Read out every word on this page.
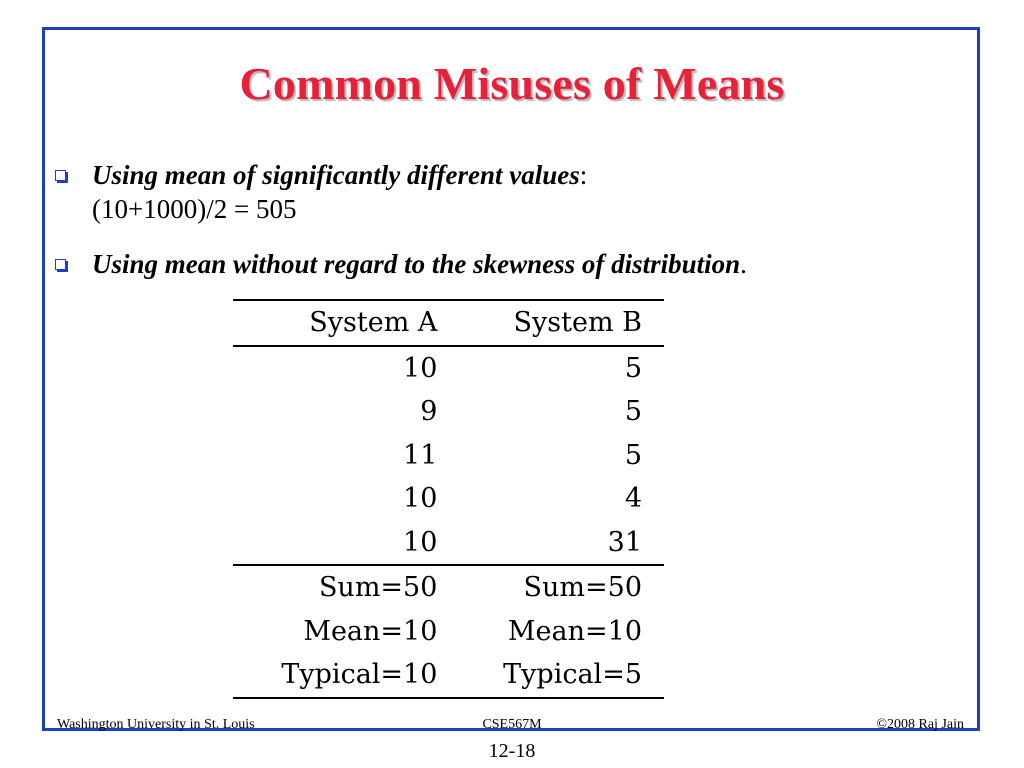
Common Misuses of Means
Using mean of significantly different values:
(10+1000)/2 = 505
Using mean without regard to the skewness of distribution.
System A	System B
10	5
9	5
11	5
10	4
10	31
Sum=50	Sum=50
Mean=10	Mean=10
Typical=10	Typical=5
Washington University in St. Louis	CSE567M	©2008 Raj Jain
12-18
